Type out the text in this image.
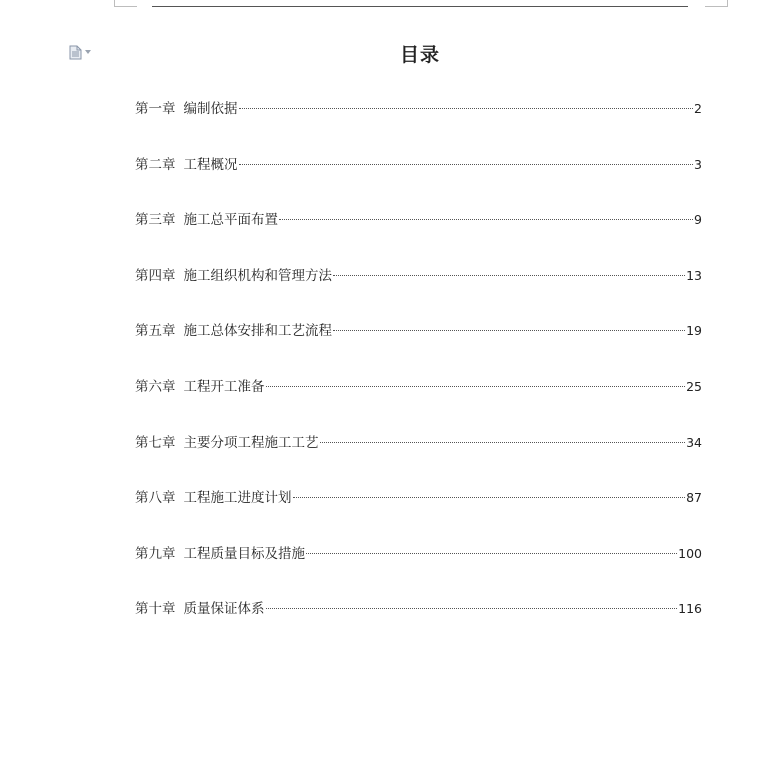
目录
第一章 编制依据	2
第二章 工程概况	3
第三章 施工总平面布置	9
第四章 施工组织机构和管理方法	13
第五章 施工总体安排和工艺流程	19
第六章 工程开工准备	25
第七章 主要分项工程施工工艺	34
第八章 工程施工进度计划	87
第九章 工程质量目标及措施	100
第十章 质量保证体系	116
